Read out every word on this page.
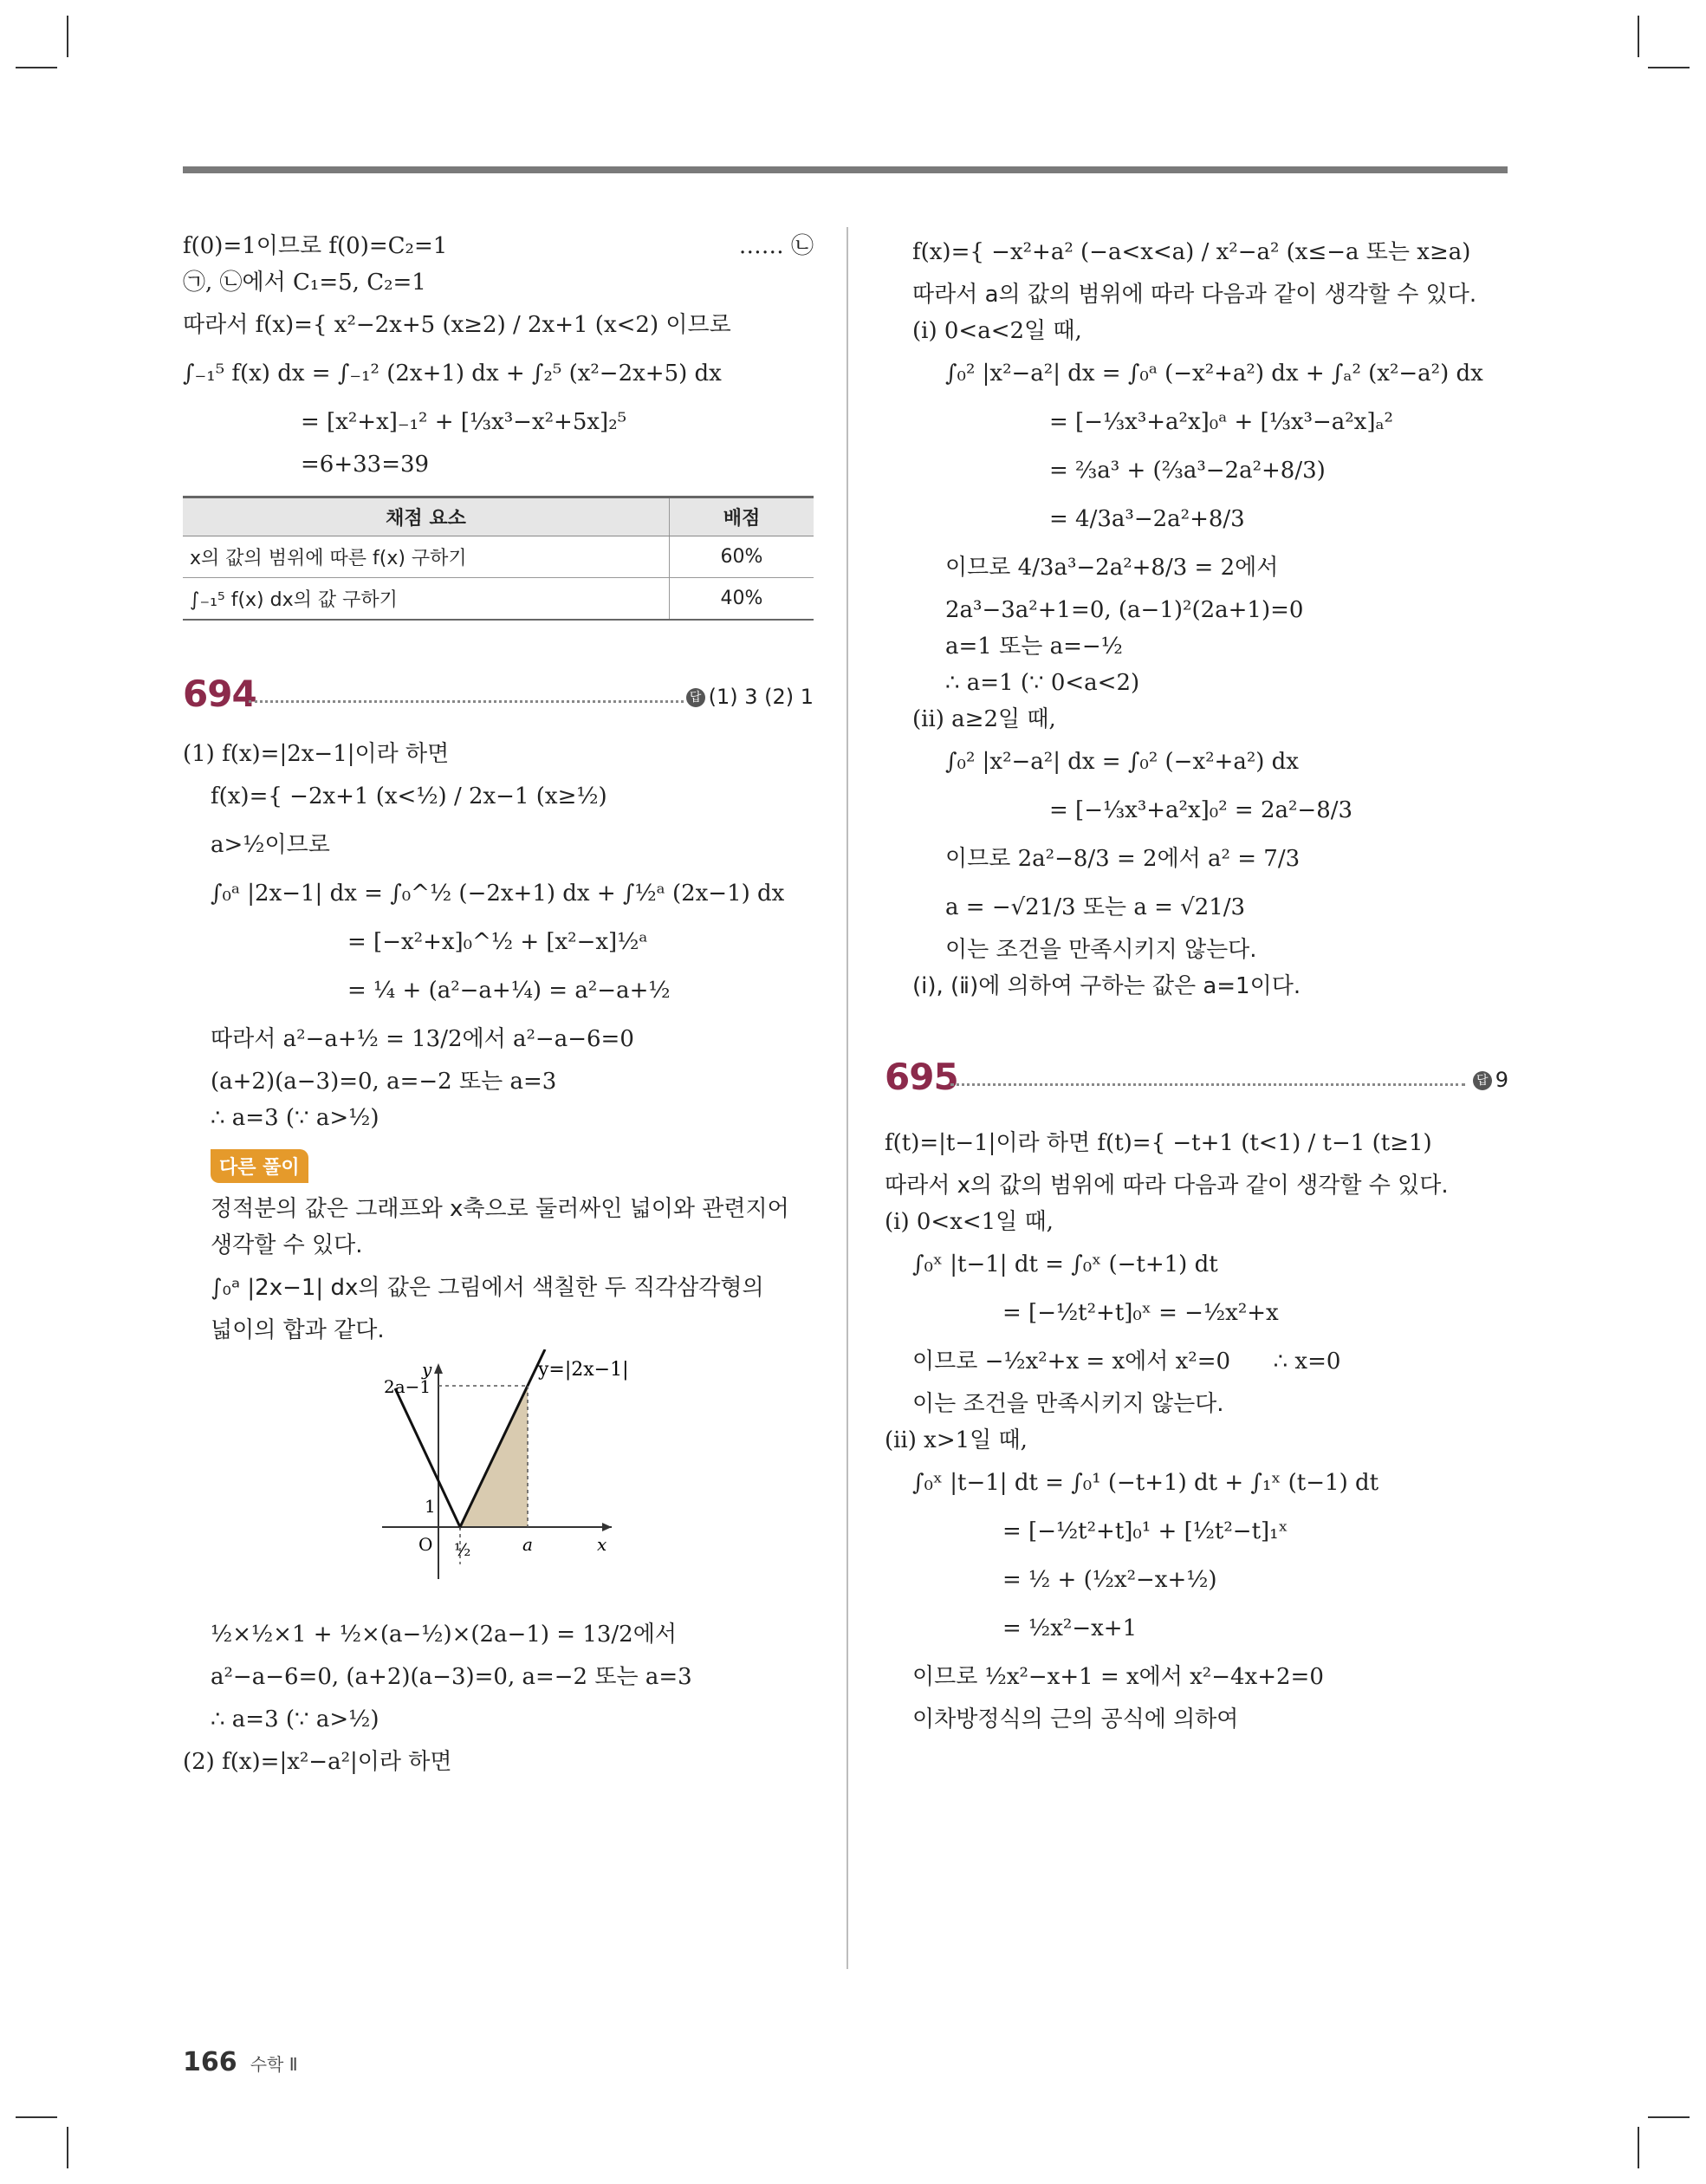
f(0)=1이므로 f(0)=C₂=1	…… ㉡
㉠, ㉡에서 C₁=5, C₂=1
따라서 f(x)={ x²−2x+5 (x≥2) / 2x+1 (x<2) 이므로
∫₋₁⁵ f(x) dx = ∫₋₁² (2x+1) dx + ∫₂⁵ (x²−2x+5) dx
= [x²+x]₋₁² + [⅓x³−x²+5x]₂⁵
=6+33=39
채점 요소	배점
x의 값의 범위에 따른 f(x) 구하기	60%
∫₋₁⁵ f(x) dx의 값 구하기	40%
694	답 (1) 3 (2) 1
(1) f(x)=|2x−1|이라 하면
f(x)={ −2x+1 (x<½) / 2x−1 (x≥½)
a>½이므로
∫₀ᵃ |2x−1| dx = ∫₀^½ (−2x+1) dx + ∫½ᵃ (2x−1) dx
= [−x²+x]₀^½ + [x²−x]½ᵃ
= ¼ + (a²−a+¼) = a²−a+½
따라서 a²−a+½ = 13/2에서 a²−a−6=0
(a+2)(a−3)=0, a=−2 또는 a=3
∴ a=3 (∵ a>½)
다른 풀이
정적분의 값은 그래프와 x축으로 둘러싸인 넓이와 관련지어
생각할 수 있다.
∫₀ᵃ |2x−1| dx의 값은 그림에서 색칠한 두 직각삼각형의
넓이의 합과 같다.
y=|2x−1|
y
x
O
2a−1
1
½	a
½×½×1 + ½×(a−½)×(2a−1) = 13/2에서
a²−a−6=0, (a+2)(a−3)=0, a=−2 또는 a=3
∴ a=3 (∵ a>½)
(2) f(x)=|x²−a²|이라 하면
f(x)={ −x²+a² (−a<x<a) / x²−a² (x≤−a 또는 x≥a)
따라서 a의 값의 범위에 따라 다음과 같이 생각할 수 있다.
(ⅰ) 0<a<2일 때,
∫₀² |x²−a²| dx = ∫₀ᵃ (−x²+a²) dx + ∫ₐ² (x²−a²) dx
= [−⅓x³+a²x]₀ᵃ + [⅓x³−a²x]ₐ²
= ⅔a³ + (⅔a³−2a²+8/3)
= 4/3a³−2a²+8/3
이므로 4/3a³−2a²+8/3 = 2에서
2a³−3a²+1=0, (a−1)²(2a+1)=0
a=1 또는 a=−½
∴ a=1 (∵ 0<a<2)
(ⅱ) a≥2일 때,
∫₀² |x²−a²| dx = ∫₀² (−x²+a²) dx
= [−⅓x³+a²x]₀² = 2a²−8/3
이므로 2a²−8/3 = 2에서 a² = 7/3
a = −√21/3 또는 a = √21/3
이는 조건을 만족시키지 않는다.
(ⅰ), (ⅱ)에 의하여 구하는 값은 a=1이다.
695	답 9
f(t)=|t−1|이라 하면 f(t)={ −t+1 (t<1) / t−1 (t≥1)
따라서 x의 값의 범위에 따라 다음과 같이 생각할 수 있다.
(ⅰ) 0<x<1일 때,
∫₀ˣ |t−1| dt = ∫₀ˣ (−t+1) dt
= [−½t²+t]₀ˣ = −½x²+x
이므로 −½x²+x = x에서 x²=0      ∴ x=0
이는 조건을 만족시키지 않는다.
(ⅱ) x>1일 때,
∫₀ˣ |t−1| dt = ∫₀¹ (−t+1) dt + ∫₁ˣ (t−1) dt
= [−½t²+t]₀¹ + [½t²−t]₁ˣ
= ½ + (½x²−x+½)
= ½x²−x+1
이므로 ½x²−x+1 = x에서 x²−4x+2=0
이차방정식의 근의 공식에 의하여
166 수학 Ⅱ
